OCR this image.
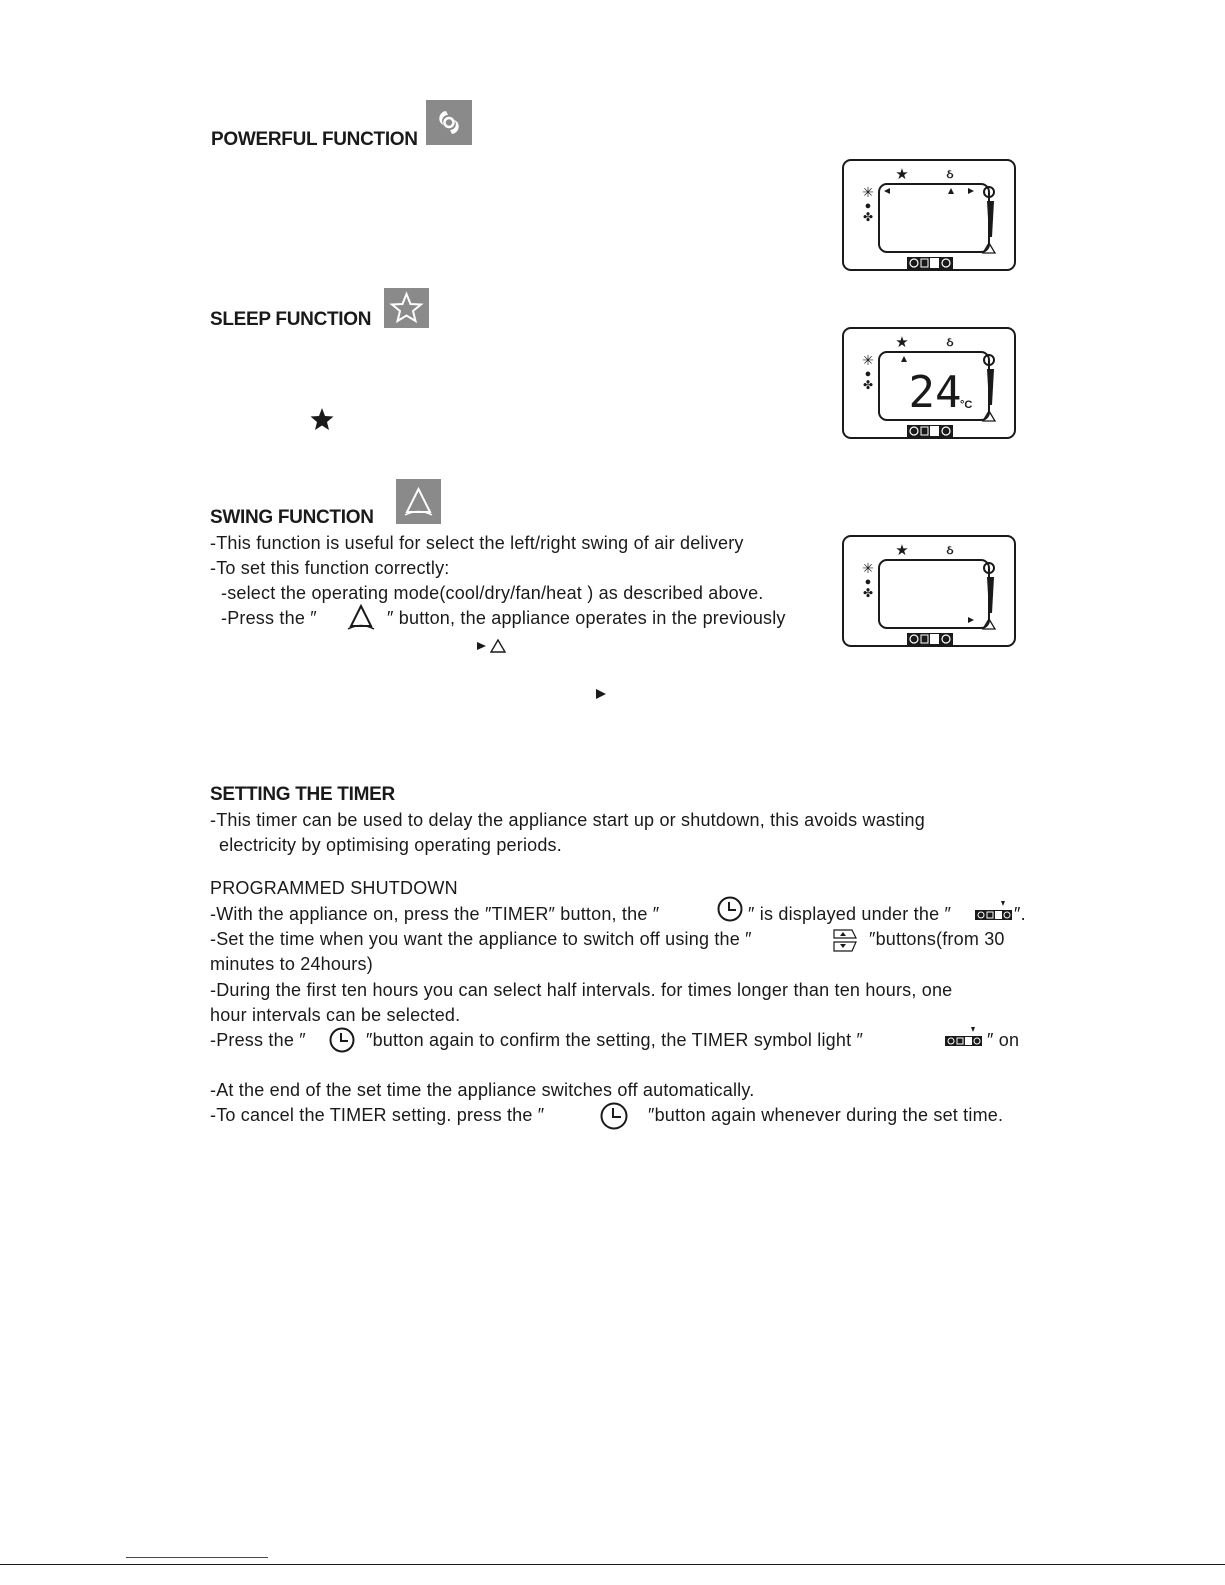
POWERFUL FUNCTION
★	ઠ
✳
●
✤
SLEEP FUNCTION
★	ઠ
✳
●
✤ 24
°C
SWING FUNCTION
-This function is useful for select the left/right swing of air delivery
-To set this function correctly:
-select the operating mode(cool/dry/fan/heat ) as described above.
-Press the ″	″ button, the appliance operates in the previously
★	ઠ
✳
●
✤
SETTING THE TIMER
-This timer can be used to delay the appliance start up or shutdown, this avoids wasting
electricity by optimising operating periods.
PROGRAMMED SHUTDOWN
-With the appliance on, press the ″TIMER″ button, the ″	″ is displayed under the ″	″.
-Set the time when you want the appliance to switch off using the ″	″buttons(from 30
minutes to 24hours)
-During the first ten hours you can select half intervals. for times longer than ten hours, one
hour intervals can be selected.
-Press the ″	″button again to confirm the setting, the TIMER symbol light ″	″ on
-At the end of the set time the appliance switches off automatically.
-To cancel the TIMER setting. press the ″	″button again whenever during the set time.
